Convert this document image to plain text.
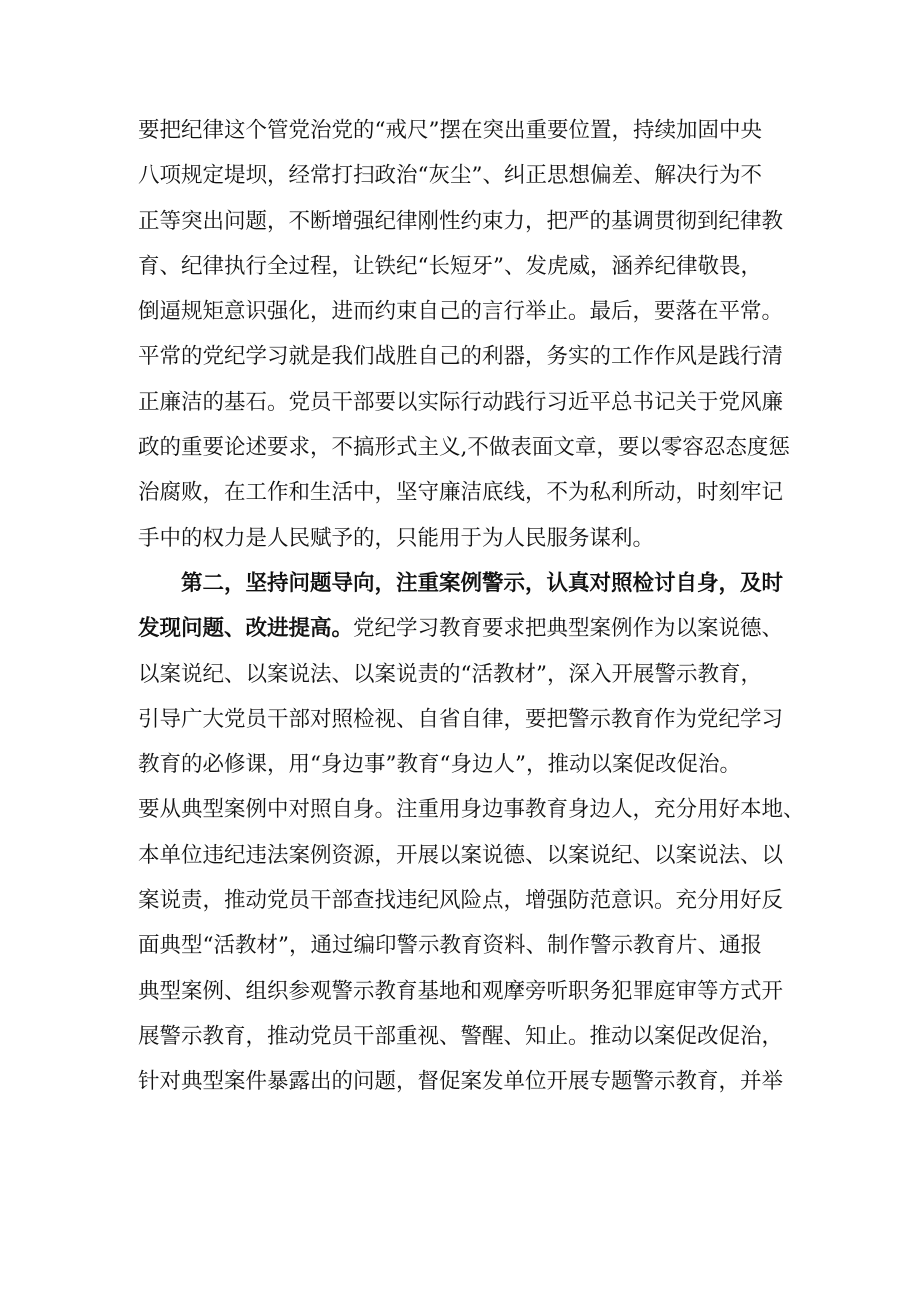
要把纪律这个管党治党的“戒尺”摆在突出重要位置，持续加固中央
八项规定堤坝，经常打扫政治“灰尘”、纠正思想偏差、解决行为不
正等突出问题，不断增强纪律刚性约束力，把严的基调贯彻到纪律教
育、纪律执行全过程，让铁纪“长短牙”、发虎威，涵养纪律敬畏，
倒逼规矩意识强化，进而约束自己的言行举止。最后，要落在平常。
平常的党纪学习就是我们战胜自己的利器，务实的工作作风是践行清
正廉洁的基石。党员干部要以实际行动践行习近平总书记关于党风廉
政的重要论述要求，不搞形式主义,不做表面文章，要以零容忍态度惩
治腐败，在工作和生活中，坚守廉洁底线，不为私利所动，时刻牢记
手中的权力是人民赋予的，只能用于为人民服务谋利。
第二，坚持问题导向，注重案例警示，认真对照检讨自身，及时
发现问题、改进提高。党纪学习教育要求把典型案例作为以案说德、
以案说纪、以案说法、以案说责的“活教材”，深入开展警示教育，
引导广大党员干部对照检视、自省自律，要把警示教育作为党纪学习
教育的必修课，用“身边事”教育“身边人”，推动以案促改促治。
要从典型案例中对照自身。注重用身边事教育身边人，充分用好本地、
本单位违纪违法案例资源，开展以案说德、以案说纪、以案说法、以
案说责，推动党员干部查找违纪风险点，增强防范意识。充分用好反
面典型“活教材”，通过编印警示教育资料、制作警示教育片、通报
典型案例、组织参观警示教育基地和观摩旁听职务犯罪庭审等方式开
展警示教育，推动党员干部重视、警醒、知止。推动以案促改促治，
针对典型案件暴露出的问题，督促案发单位开展专题警示教育，并举
